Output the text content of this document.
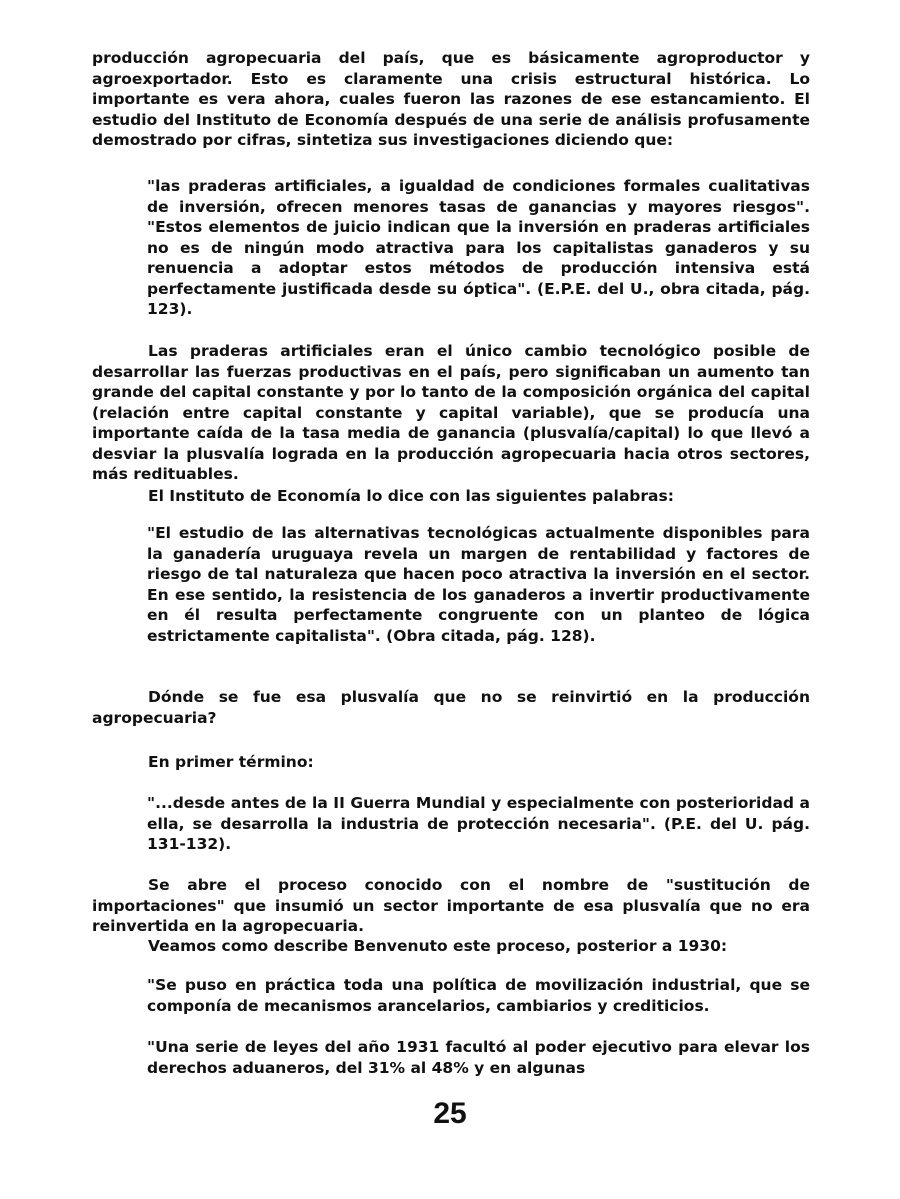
producción agropecuaria del país, que es básicamente agroproductor y agroexportador. Esto es claramente una crisis estructural histórica. Lo importante es vera ahora, cuales fueron las razones de ese estancamiento. El estudio del Instituto de Economía después de una serie de análisis profusamente demostrado por cifras, sintetiza sus investigaciones diciendo que:

"las praderas artificiales, a igualdad de condiciones formales cualitativas de inversión, ofrecen menores tasas de ganancias y mayores riesgos". "Estos elementos de juicio indican que la inversión en praderas artificiales no es de ningún modo atractiva para los capitalistas ganaderos y su renuencia a adoptar estos métodos de producción intensiva está perfectamente justificada desde su óptica". (E.P.E. del U., obra citada, pág. 123).

Las praderas artificiales eran el único cambio tecnológico posible de desarrollar las fuerzas productivas en el país, pero significaban un aumento tan grande del capital constante y por lo tanto de la composición orgánica del capital (relación entre capital constante y capital variable), que se producía una importante caída de la tasa media de ganancia (plusvalía/capital) lo que llevó a desviar la plusvalía lograda en la producción agropecuaria hacia otros sectores, más redituables.

El Instituto de Economía lo dice con las siguientes palabras:

"El estudio de las alternativas tecnológicas actualmente disponibles para la ganadería uruguaya revela un margen de rentabilidad y factores de riesgo de tal naturaleza que hacen poco atractiva la inversión en el sector. En ese sentido, la resistencia de los ganaderos a invertir productivamente en él resulta perfectamente congruente con un planteo de lógica estrictamente capitalista". (Obra citada, pág. 128).

Dónde se fue esa plusvalía que no se reinvirtió en la producción agropecuaria?

En primer término:

"...desde antes de la II Guerra Mundial y especialmente con posterioridad a ella, se desarrolla la industria de protección necesaria". (P.E. del U. pág. 131-132).

Se abre el proceso conocido con el nombre de "sustitución de importaciones" que insumió un sector importante de esa plusvalía que no era reinvertida en la agropecuaria.

Veamos como describe Benvenuto este proceso, posterior a 1930:

"Se puso en práctica toda una política de movilización industrial, que se componía de mecanismos arancelarios, cambiarios y crediticios.

"Una serie de leyes del año 1931 facultó al poder ejecutivo para elevar los derechos aduaneros, del 31% al 48% y en algunas

25
